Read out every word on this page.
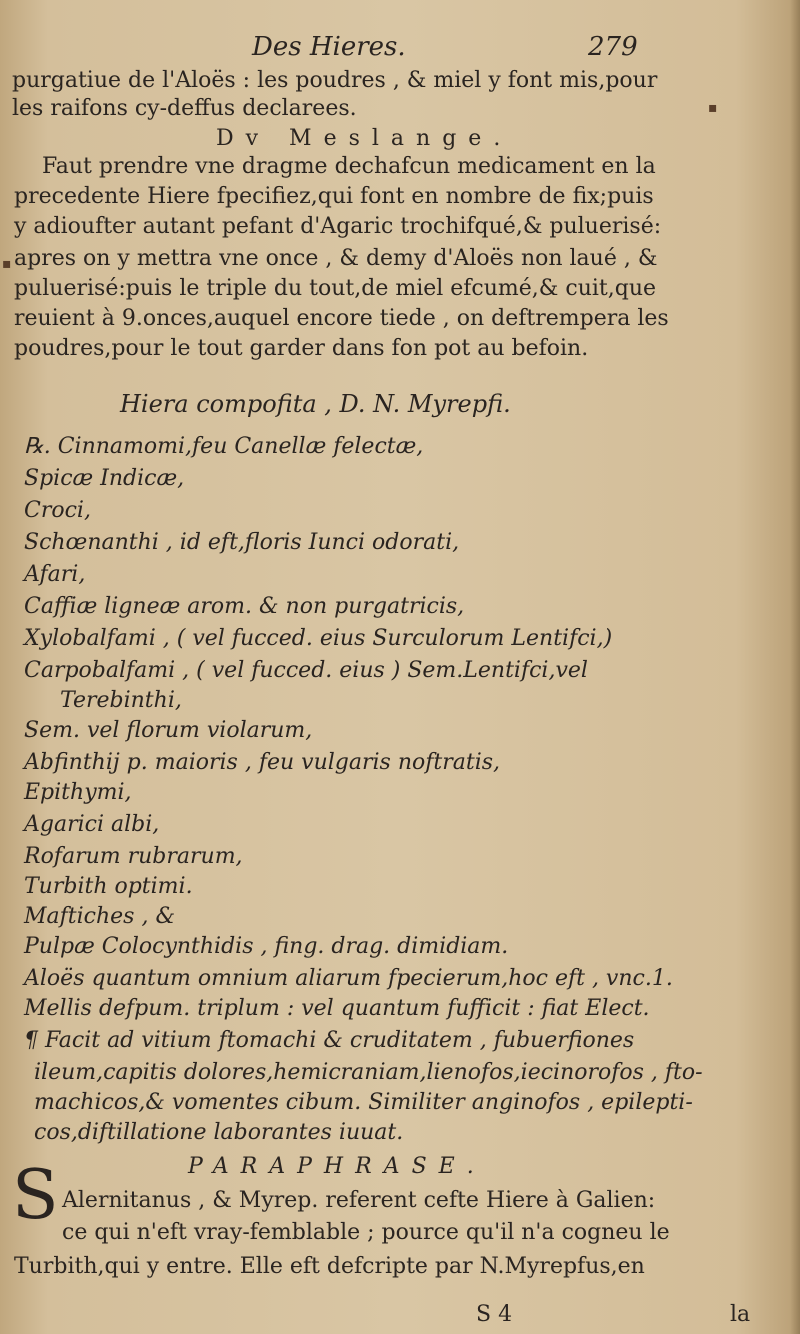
Des Hieres.	279
purgatiue de l'Aloës : les poudres , & miel y font mis,pour
les raifons cy-deffus declarees.
Dv Meslange.
Faut prendre vne dragme dechafcun medicament en la
precedente Hiere fpecifiez,qui font en nombre de fix;puis
y adioufter autant pefant d'Agaric trochifqué,& puluerisé:
apres on y mettra vne once , & demy d'Aloës non laué , &
puluerisé:puis le triple du tout,de miel efcumé,& cuit,que
reuient à 9.onces,auquel encore tiede , on deftrempera les
poudres,pour le tout garder dans fon pot au befoin.
Hiera compofita , D. N. Myrepfi.
℞. Cinnamomi,feu Canellæ felectæ,
Spicæ Indicæ,
Croci,
Schœnanthi , id eft,floris Iunci odorati,
Afari,
Caffiæ ligneæ arom. & non purgatricis,
Xylobalfami , ( vel fucced. eius Surculorum Lentifci,)
Carpobalfami , ( vel fucced. eius ) Sem.Lentifci,vel
Terebinthi,
Sem. vel florum violarum,
Abfinthij p. maioris , feu vulgaris noftratis,
Epithymi,
Agarici albi,
Rofarum rubrarum,
Turbith optimi.
Maftiches , &
Pulpæ Colocynthidis , fing. drag. dimidiam.
Aloës quantum omnium aliarum fpecierum,hoc eft , vnc.1.
Mellis defpum. triplum : vel quantum fufficit : fiat Elect.
¶ Facit ad vitium ftomachi & cruditatem , fubuerfiones
ileum,capitis dolores,hemicraniam,lienofos,iecinorofos , fto-
machicos,& vomentes cibum. Similiter anginofos , epilepti-
cos,diftillatione laborantes iuuat.
PARAPHRASE.
S Alernitanus , & Myrep. referent cefte Hiere à Galien:
ce qui n'eft vray-femblable ; pource qu'il n'a cogneu le
Turbith,qui y entre. Elle eft defcripte par N.Myrepfus,en
S 4	la
▪
▪
